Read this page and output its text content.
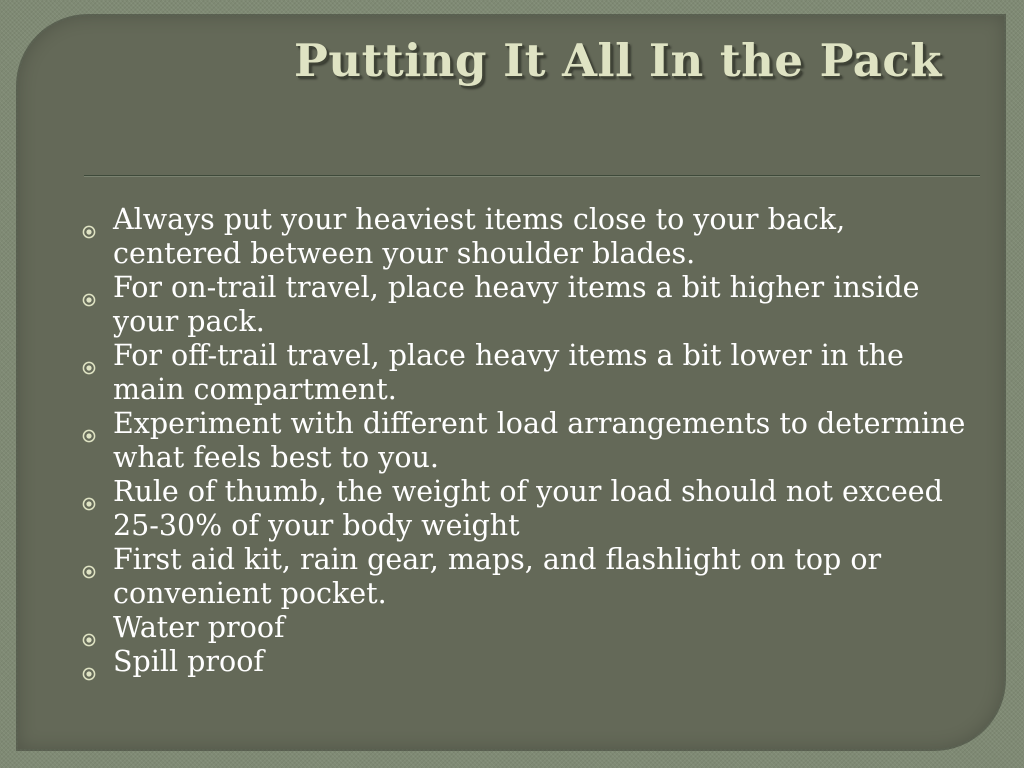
Putting It All In the Pack
Always put your heaviest items close to your back, centered between your shoulder blades.
For on-trail travel, place heavy items a bit higher inside your pack.
For off-trail travel, place heavy items a bit lower in the main compartment.
Experiment with different load arrangements to determine what feels best to you.
Rule of thumb, the weight of your load should not exceed 25-30% of your body weight
First aid kit, rain gear, maps, and flashlight on top or convenient pocket.
Water proof
Spill proof
